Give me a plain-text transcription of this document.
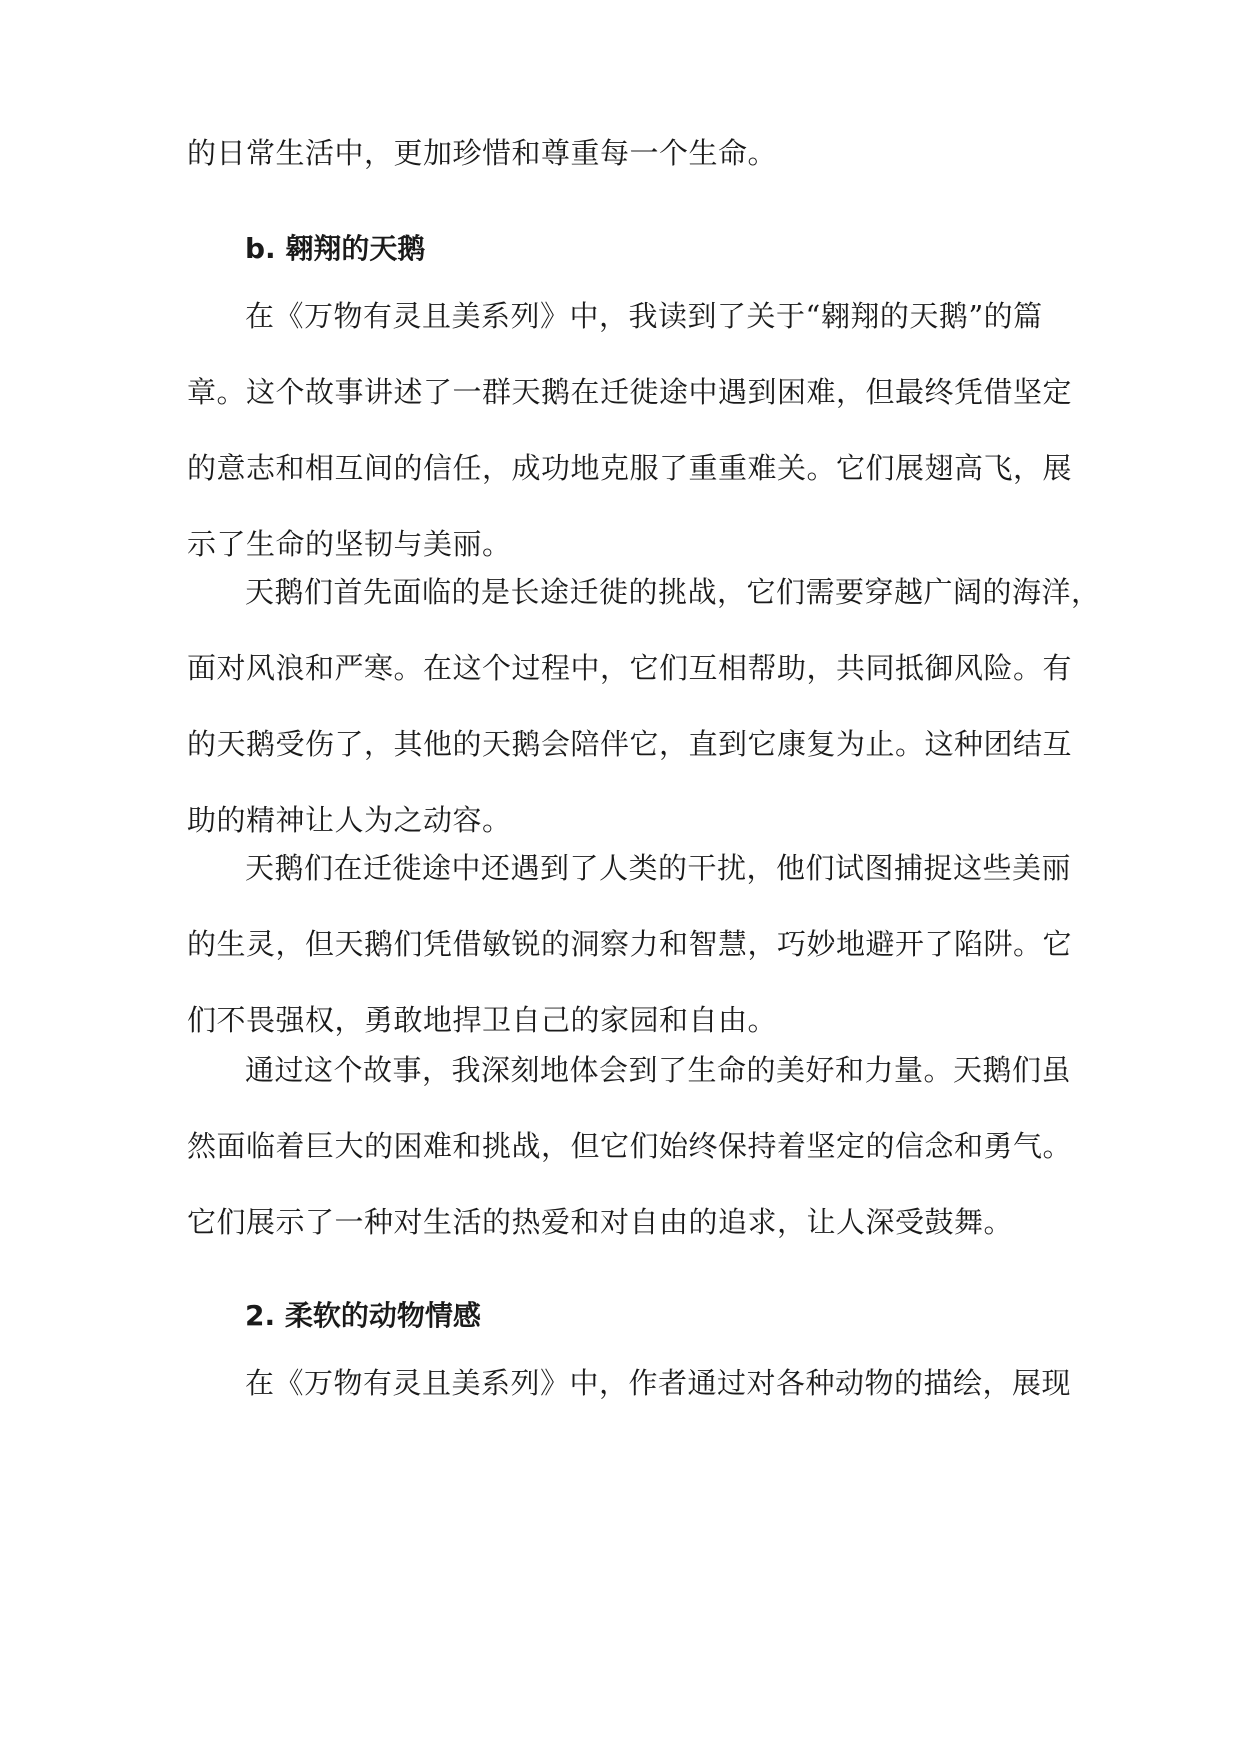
的日常生活中，更加珍惜和尊重每一个生命。
b. 翱翔的天鹅
在《万物有灵且美系列》中，我读到了关于“翱翔的天鹅”的篇
章。这个故事讲述了一群天鹅在迁徙途中遇到困难，但最终凭借坚定
的意志和相互间的信任，成功地克服了重重难关。它们展翅高飞，展
示了生命的坚韧与美丽。
天鹅们首先面临的是长途迁徙的挑战，它们需要穿越广阔的海洋，
面对风浪和严寒。在这个过程中，它们互相帮助，共同抵御风险。有
的天鹅受伤了，其他的天鹅会陪伴它，直到它康复为止。这种团结互
助的精神让人为之动容。
天鹅们在迁徙途中还遇到了人类的干扰，他们试图捕捉这些美丽
的生灵，但天鹅们凭借敏锐的洞察力和智慧，巧妙地避开了陷阱。它
们不畏强权，勇敢地捍卫自己的家园和自由。
通过这个故事，我深刻地体会到了生命的美好和力量。天鹅们虽
然面临着巨大的困难和挑战，但它们始终保持着坚定的信念和勇气。
它们展示了一种对生活的热爱和对自由的追求，让人深受鼓舞。
2. 柔软的动物情感
在《万物有灵且美系列》中，作者通过对各种动物的描绘，展现
